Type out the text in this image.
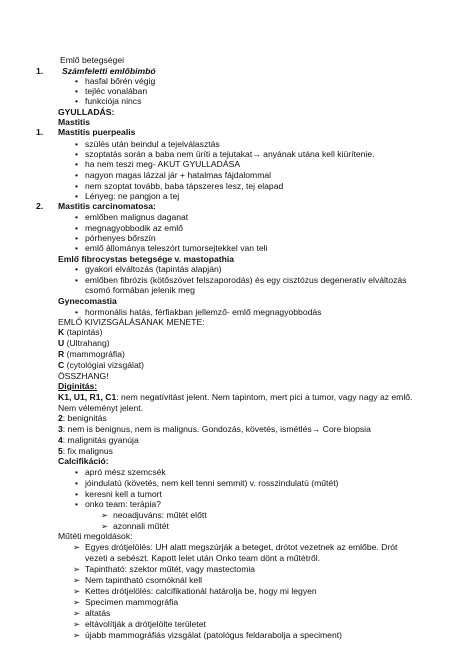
Emlő betegségei
1. Számfeletti emlőbimbó
• hasfal bőrén végig
• tejléc vonalában
• funkciója nincs
GYULLADÁS:
Mastitis
1. Mastitis puerpealis
• szülés után beindul a tejelválasztás
• szoptatás során a baba nem üríti a tejutakat→ anyának utána kell kiürítenie.
• ha nem teszi meg- AKUT GYULLADÁSA
• nagyon magas lázzal jár + hatalmas fájdalommal
• nem szoptat tovább, baba tápszeres lesz, tej elapad
• Lényeg: ne pangjon a tej
2. Mastitis carcinomatosa:
• emlőben malignus daganat
• megnagyobbodik az emlő
• pórhenyes bőrszín
• emlő állománya teleszórt tumorsejtekkel van teli
Emlő fibrocystas betegsége v. mastopathia
• gyakori elváltozás (tapintás alapján)
• emlőben fibrózis (kötőszövet felszaporodás) és egy cisztózus degeneratív elváltozás
csomó formában jelenik meg
Gynecomastia
• hormonális hatás, férfiakban jellemző- emlő megnagyobbodás
EMLŐ KIVIZSGÁLÁSÁNAK MENETE:
K (tapintás)
U (Ultrahang)
R (mammográfia)
C (cytológiai vizsgálat)
ÖSSZHANG!
Diginitás:
K1, U1, R1, C1: nem negatívitást jelent. Nem tapintom, mert pici a tumor, vagy nagy az emlő.
Nem véleményt jelent.
2: benignitás
3: nem is benignus, nem is malignus. Gondozás, követés, ismétlés→ Core biopsia
4: malignitás gyanúja
5: fix malignus
Calcifikáció:
• apró mész szemcsék
• jóindulatú (követés, nem kell tenni semmit) v. rosszindulatú (műtét)
• keresni kell a tumort
• onko team: terápia?
➢ neoadjuváns: műtét előtt
➢ azonnali műtét
Műtéti megoldások:
➢ Egyes drótjelölés: UH alatt megszúrják a beteget, drótot vezetnek az emlőbe. Drót
vezeti a sebészt. Kapott lelet után Onko team dönt a műtétről.
➢ Tapintható: szektor műtét, vagy mastectomia
➢ Nem tapintható csomóknál kell
➢ Kettes drótjelölés: calcifikationál határolja be, hogy mi legyen
➢ Specimen mammográfia
➢ altatás
➢ eltávolítják a drótjelölte területet
➢ újabb mammográfiás vizsgálat (patológus feldarabolja a speciment)
